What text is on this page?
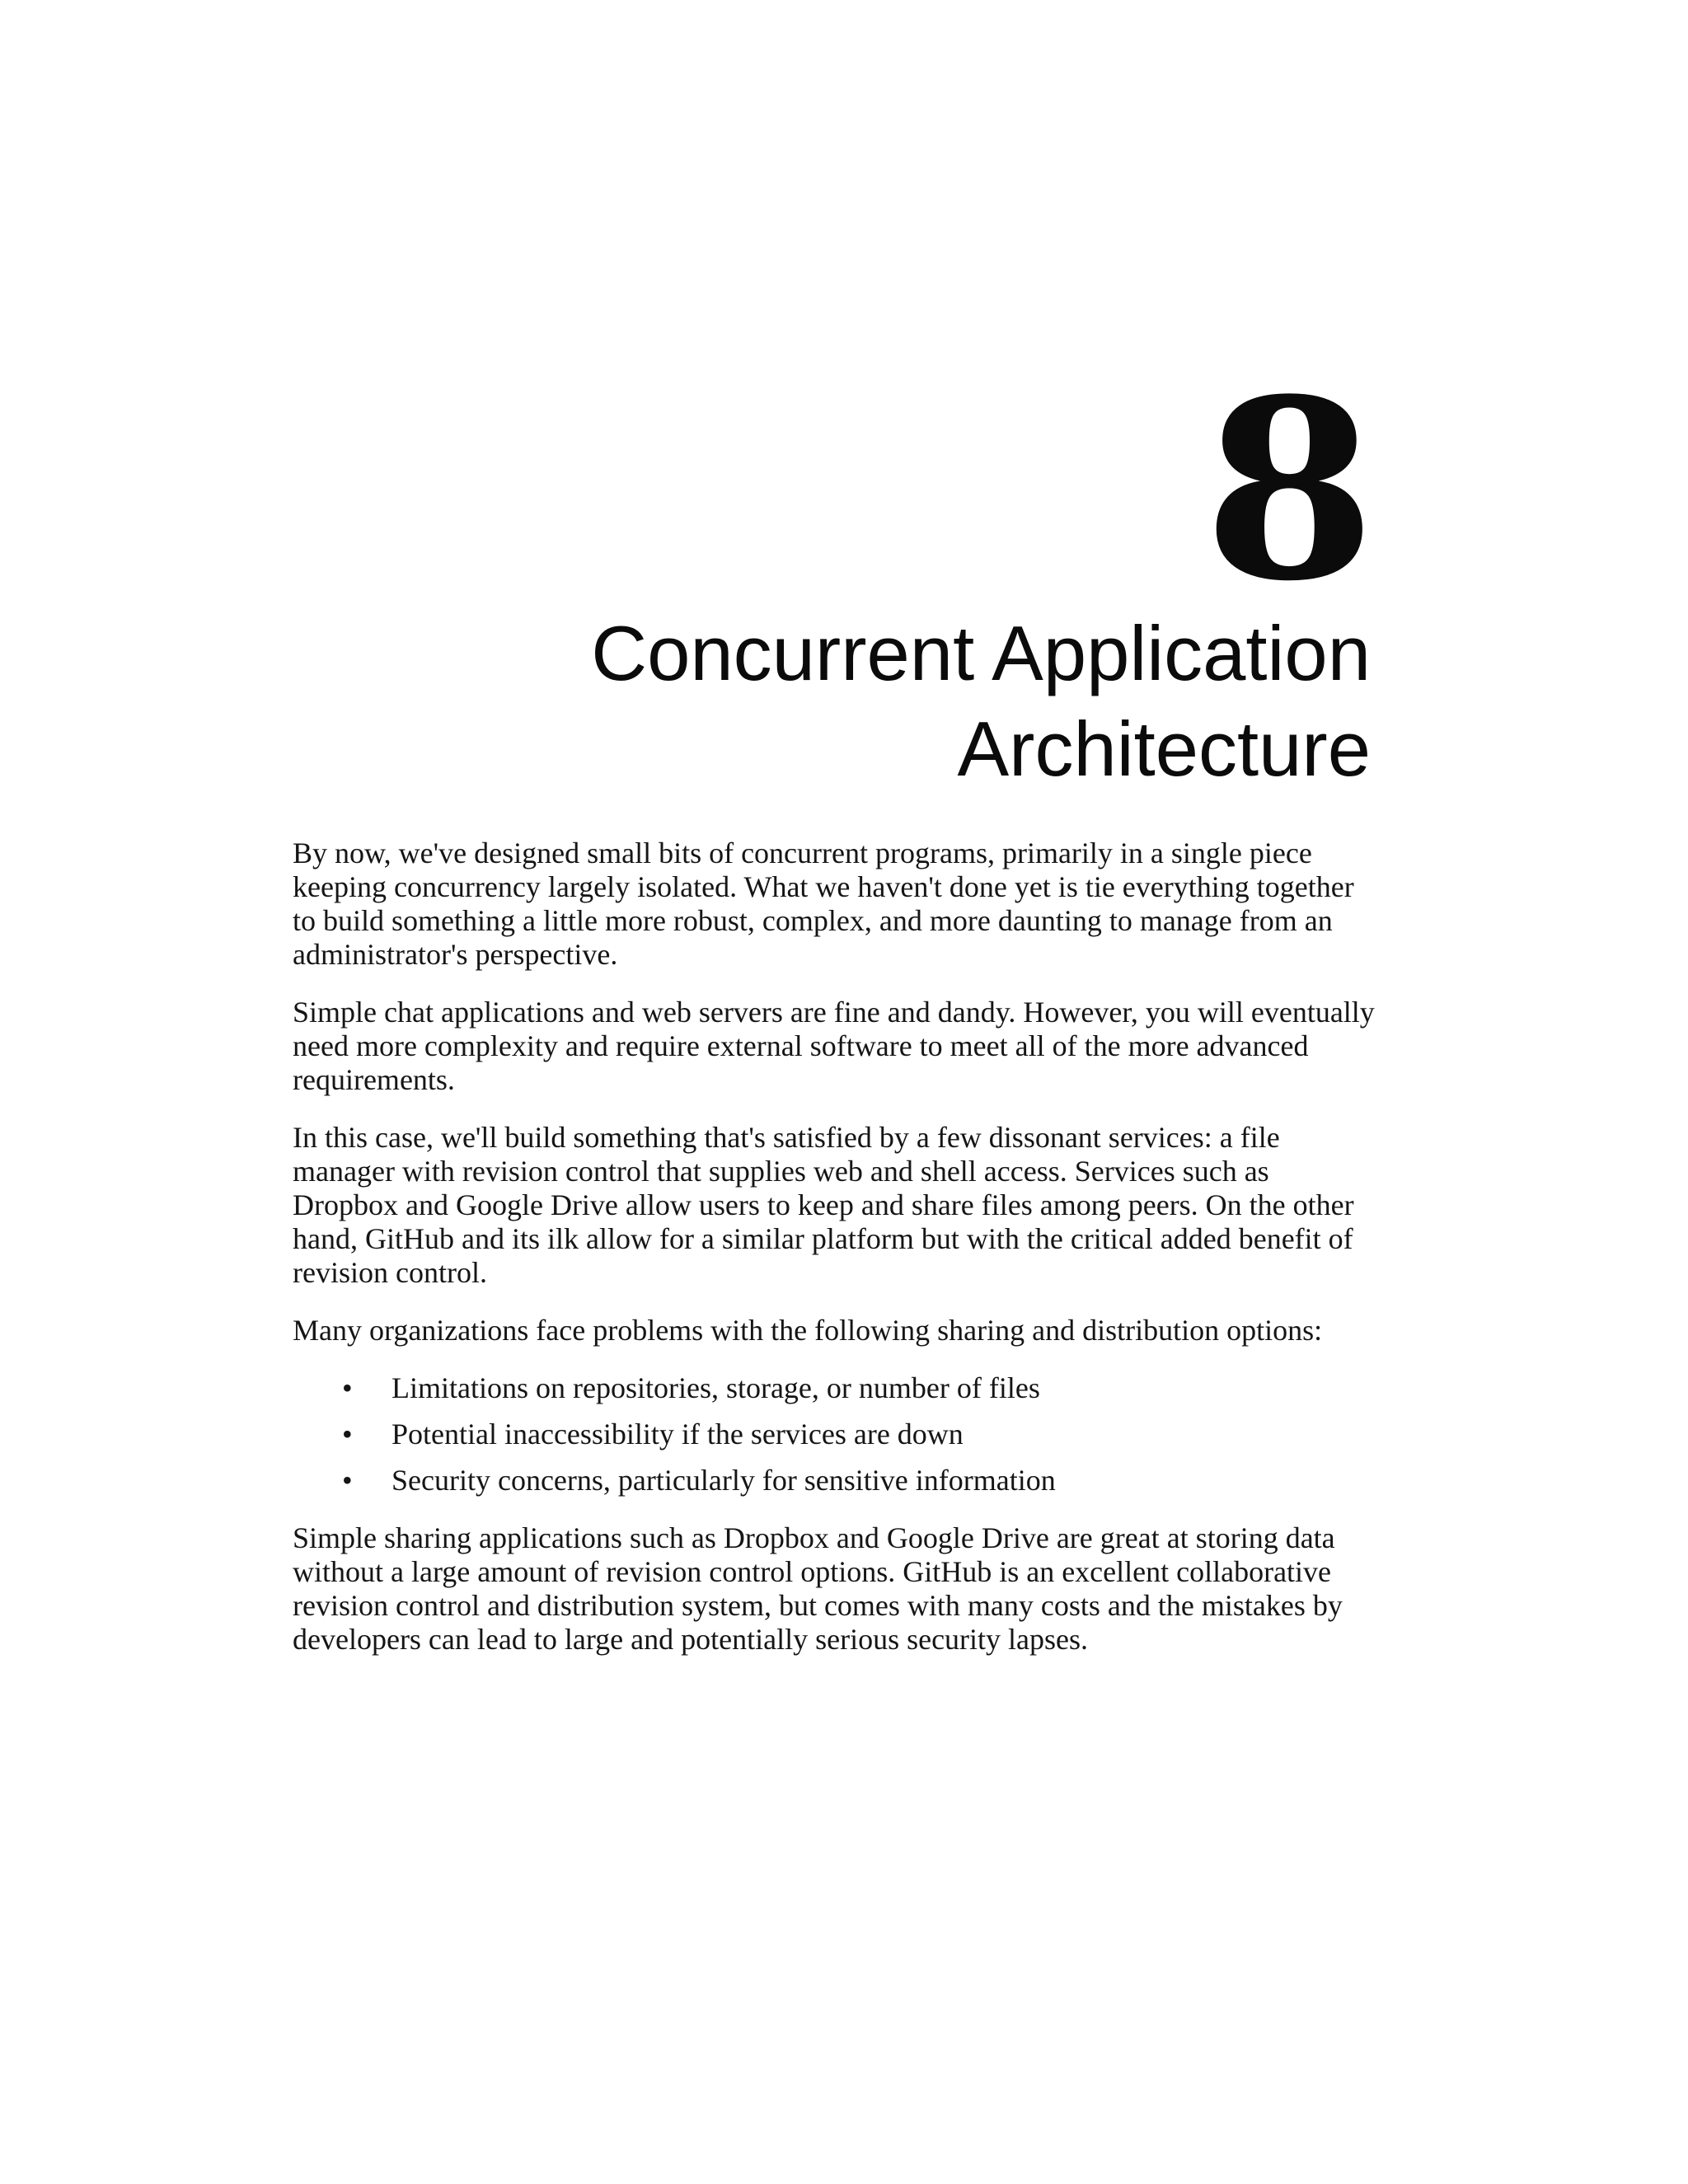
8
Concurrent Application
Architecture

By now, we've designed small bits of concurrent programs, primarily in a single piece keeping concurrency largely isolated. What we haven't done yet is tie everything together to build something a little more robust, complex, and more daunting to manage from an administrator's perspective.

Simple chat applications and web servers are fine and dandy. However, you will eventually need more complexity and require external software to meet all of the more advanced requirements.

In this case, we'll build something that's satisfied by a few dissonant services: a file manager with revision control that supplies web and shell access. Services such as Dropbox and Google Drive allow users to keep and share files among peers. On the other hand, GitHub and its ilk allow for a similar platform but with the critical added benefit of revision control.

Many organizations face problems with the following sharing and distribution options:

• Limitations on repositories, storage, or number of files
• Potential inaccessibility if the services are down
• Security concerns, particularly for sensitive information

Simple sharing applications such as Dropbox and Google Drive are great at storing data without a large amount of revision control options. GitHub is an excellent collaborative revision control and distribution system, but comes with many costs and the mistakes by developers can lead to large and potentially serious security lapses.
